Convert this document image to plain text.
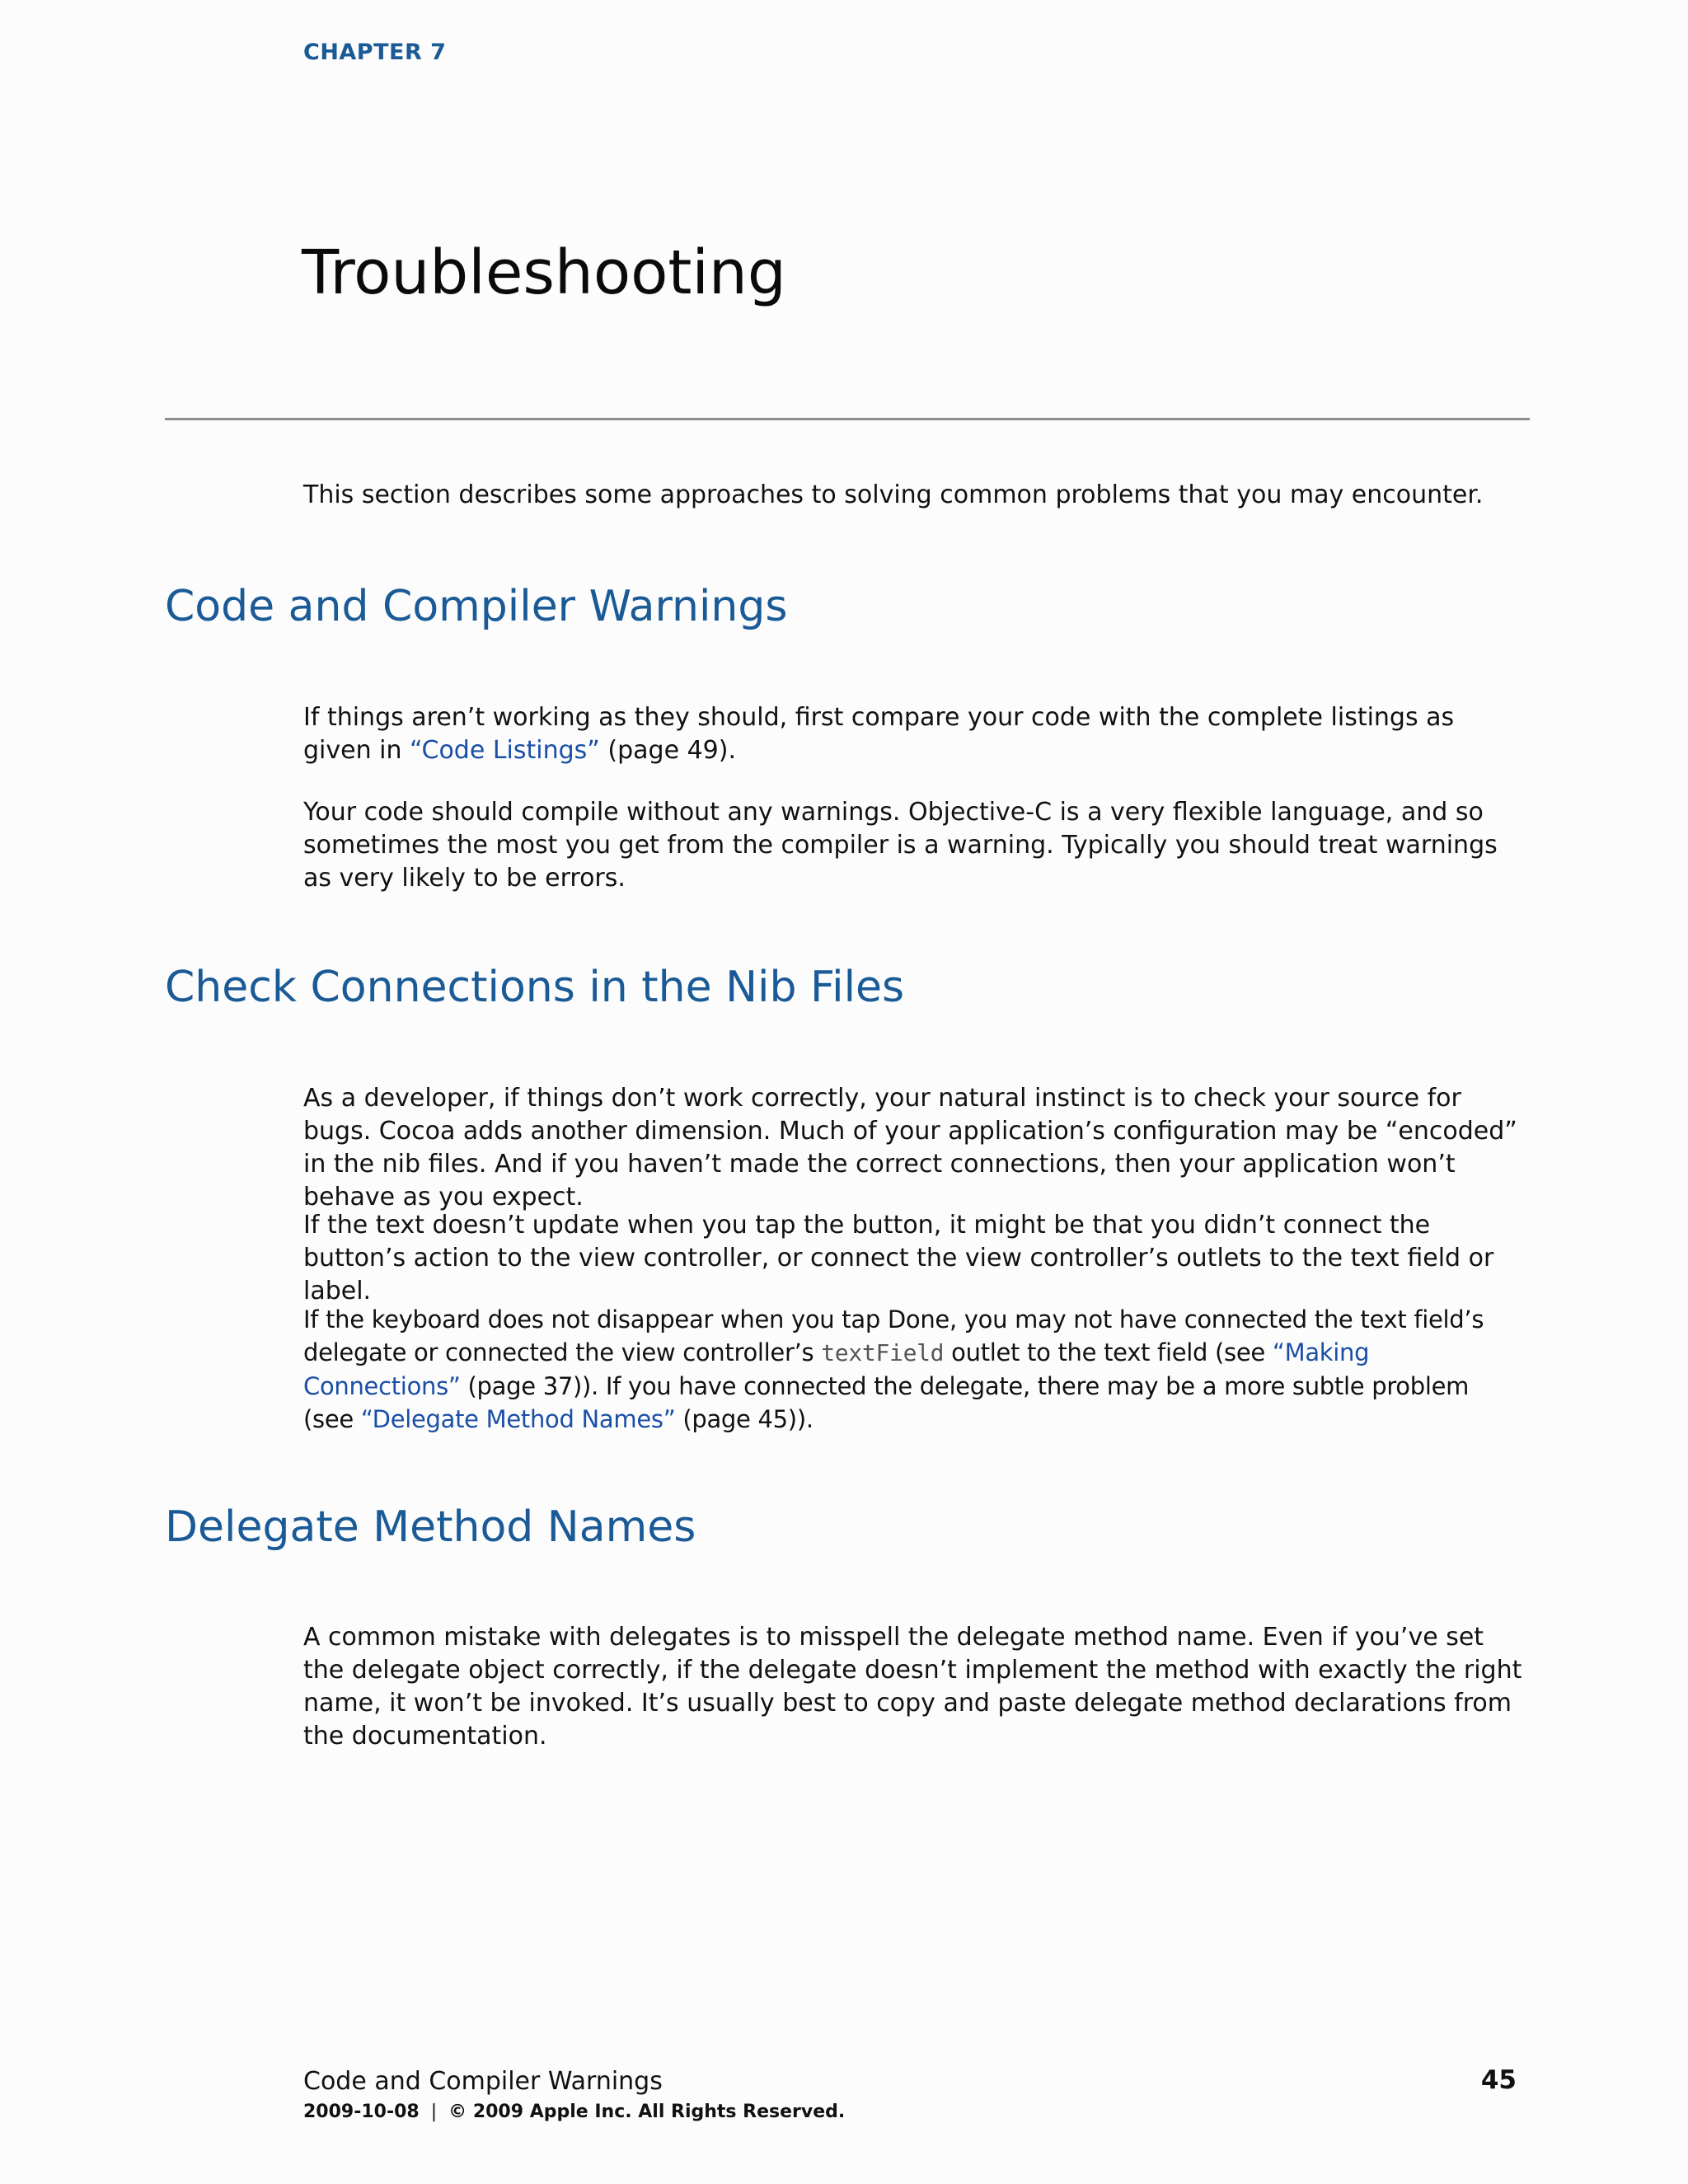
CHAPTER 7
Troubleshooting

This section describes some approaches to solving common problems that you may encounter.

Code and Compiler Warnings

If things aren’t working as they should, first compare your code with the complete listings as given in “Code Listings” (page 49).

Your code should compile without any warnings. Objective-C is a very flexible language, and so sometimes the most you get from the compiler is a warning. Typically you should treat warnings as very likely to be errors.

Check Connections in the Nib Files

As a developer, if things don’t work correctly, your natural instinct is to check your source for bugs. Cocoa adds another dimension. Much of your application’s configuration may be “encoded” in the nib files. And if you haven’t made the correct connections, then your application won’t behave as you expect.

If the text doesn’t update when you tap the button, it might be that you didn’t connect the button’s action to the view controller, or connect the view controller’s outlets to the text field or label.

If the keyboard does not disappear when you tap Done, you may not have connected the text field’s delegate or connected the view controller’s textField outlet to the text field (see “Making Connections” (page 37)). If you have connected the delegate, there may be a more subtle problem (see “Delegate Method Names” (page 45)).

Delegate Method Names

A common mistake with delegates is to misspell the delegate method name. Even if you’ve set the delegate object correctly, if the delegate doesn’t implement the method with exactly the right name, it won’t be invoked. It’s usually best to copy and paste delegate method declarations from the documentation.

Code and Compiler Warnings	45
2009-10-08 | © 2009 Apple Inc. All Rights Reserved.
